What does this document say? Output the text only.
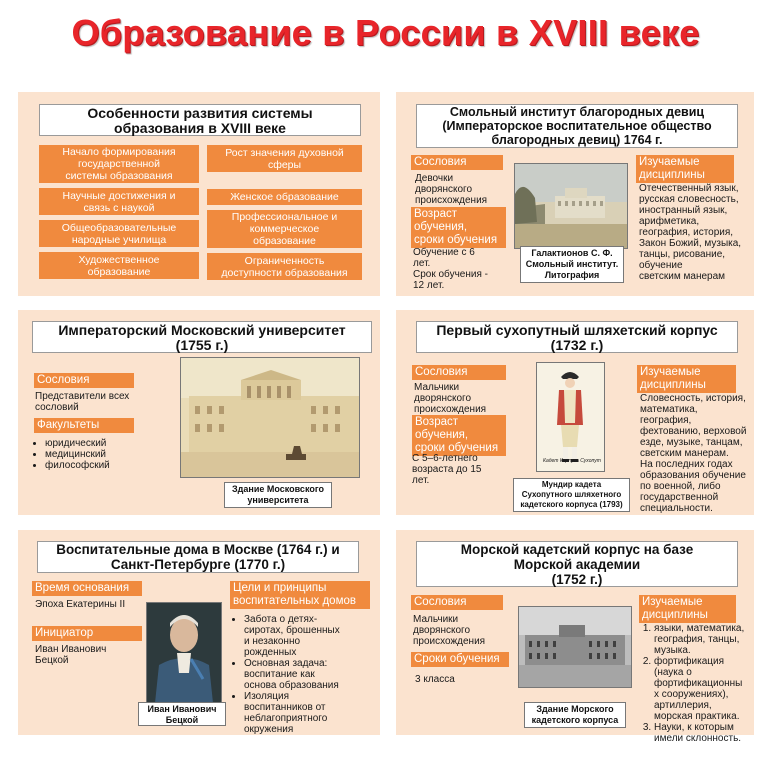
Образование в России в XVIII веке
Особенности развития системы
образования в XVIII веке
Начало формирования
государственной
системы образования
Научные достижения и
связь с наукой
Общеобразовательные
народные училища
Художественное
образование
Рост значения духовной
сферы
Женское образование
Профессиональное и
коммерческое
образование
Ограниченность
доступности образования
Смольный институт благородных девиц
(Императорское воспитательное общество
благородных девиц) 1764 г.
Сословия
Девочки
дворянского
происхождения
Возраст
обучения,
сроки обучения
Обучение с 6
лет.
Срок обучения -
12 лет.
Галактионов С. Ф.
Смольный институт.
Литография
Изучаемые
дисциплины
Отечественный язык,
русская словесность,
иностранный язык,
арифметика,
география, история,
Закон Божий, музыка,
танцы, рисование,
обучение
светским манерам
Императорский Московский университет
(1755 г.)
Сословия
Представители всех
сословий
Факультеты
• юридический
• медицинский
• философский
Здание Московского
университета
Первый сухопутный шляхетский корпус
(1732 г.)
Сословия
Мальчики
дворянского
происхождения
Возраст
обучения,
сроки обучения
С 5–6-летнего
возраста до 15
лет.
Кадет Корпуса Сухопут
Мундир кадета
Сухопутного шляхетного
кадетского корпуса (1793)
Изучаемые
дисциплины
Словесность, история,
математика,
география,
фехтованию, верховой
езде, музыке, танцам,
светским манерам.
На последних годах
образования обучение
по военной, либо
государственной
специальности.
Воспитательные дома в Москве (1764 г.) и
Санкт-Петербурге (1770 г.)
Время основания
Эпоха Екатерины II
Инициатор
Иван Иванович
Бецкой
Иван Иванович
Бецкой
Цели и принципы
воспитательных домов
• Забота о детях-
сиротах, брошенных
и незаконно
рожденных
• Основная задача:
воспитание как
основа образования
• Изоляция
воспитанников от
неблагоприятного
окружения
Морской кадетский корпус на базе
Морской академии
(1752 г.)
Сословия
Мальчики
дворянского
происхождения
Сроки обучения
3 класса
Здание Морского
кадетского корпуса
Изучаемые
дисциплины
1. языки, математика,
география, танцы,
музыка.
2. фортификация
(наука о
фортификационны
х сооружениях),
артиллерия,
морская практика.
3. Науки, к которым
имели склонность.
